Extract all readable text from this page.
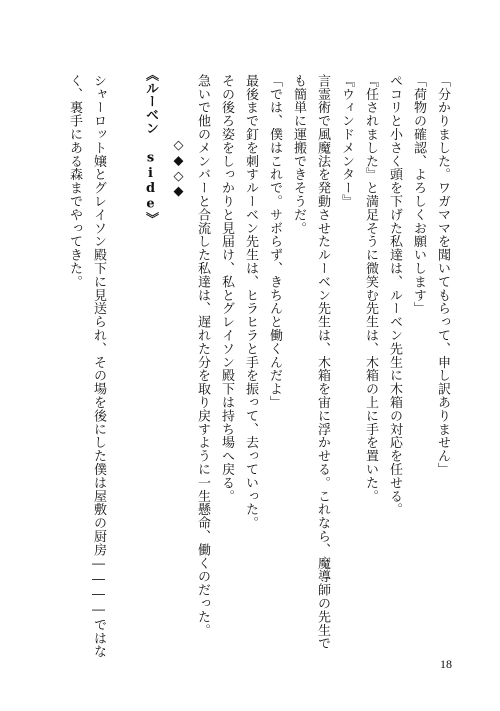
「分かりました。ワガママを聞いてもらって、申し訳ありません」
「荷物の確認、よろしくお願いします」
ペコリと小さく頭を下げた私達は、ルーベン先生に木箱の対応を任せる。
『任されました』と満足そうに微笑む先生は、木箱の上に手を置いた。
『ウィンドメンター』
言霊術で風魔法を発動させたルーベン先生は、木箱を宙に浮かせる。これなら、魔導師の先生で
も簡単に運搬できそうだ。
「では、僕はこれで。サボらず、きちんと働くんだよ」
最後まで釘を刺すルーベン先生は、ヒラヒラと手を振って、去っていった。
その後ろ姿をしっかりと見届け、私とグレイソン殿下は持ち場へ戻る。
急いで他のメンバーと合流した私達は、遅れた分を取り戻すように一生懸命、働くのだった。
◇◆◇◆
《ルーベン side》
シャーロット嬢とグレイソン殿下に見送られ、その場を後にした僕は屋敷の厨房――――ではな
く、裏手にある森までやってきた。
18
